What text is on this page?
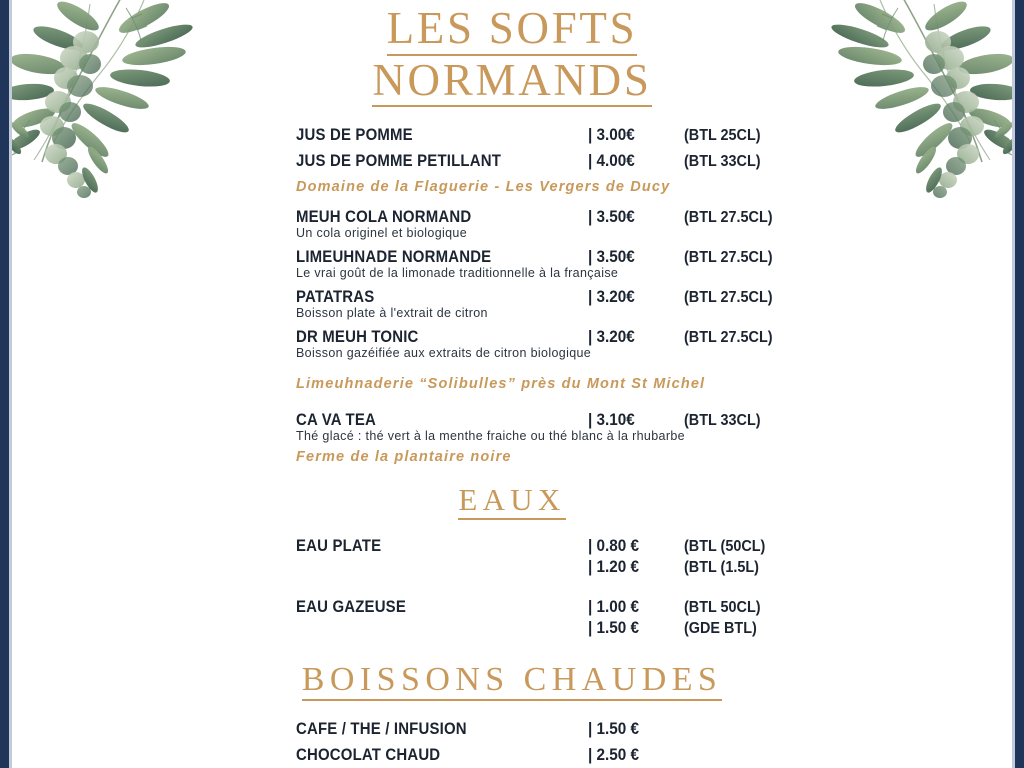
LES SOFTS
NORMANDS
JUS DE POMME	| 3.00€	(BTL 25CL)
JUS DE POMME PETILLANT	| 4.00€	(BTL 33CL)
Domaine de la Flaguerie - Les Vergers de Ducy
MEUH COLA NORMAND	| 3.50€	(BTL 27.5CL)
Un cola originel et biologique
LIMEUHNADE NORMANDE	| 3.50€	(BTL 27.5CL)
Le vrai goût de la limonade traditionnelle à la française
PATATRAS	| 3.20€	(BTL 27.5CL)
Boisson plate à l'extrait de citron
DR MEUH TONIC	| 3.20€	(BTL 27.5CL)
Boisson gazéifiée aux extraits de citron biologique
Limeuhnaderie “Solibulles” près du Mont St Michel
CA VA TEA	| 3.10€	(BTL 33CL)
Thé glacé : thé vert à la menthe fraiche ou thé blanc à la rhubarbe
Ferme de la plantaire noire
EAUX
EAU PLATE	| 0.80 €	(BTL (50CL)

| 1.20 €	(BTL (1.5L)
EAU GAZEUSE	| 1.00 €	(BTL 50CL)

| 1.50 €	(GDE BTL)
BOISSONS CHAUDES
CAFE / THE / INFUSION	| 1.50 €
CHOCOLAT CHAUD	| 2.50 €
